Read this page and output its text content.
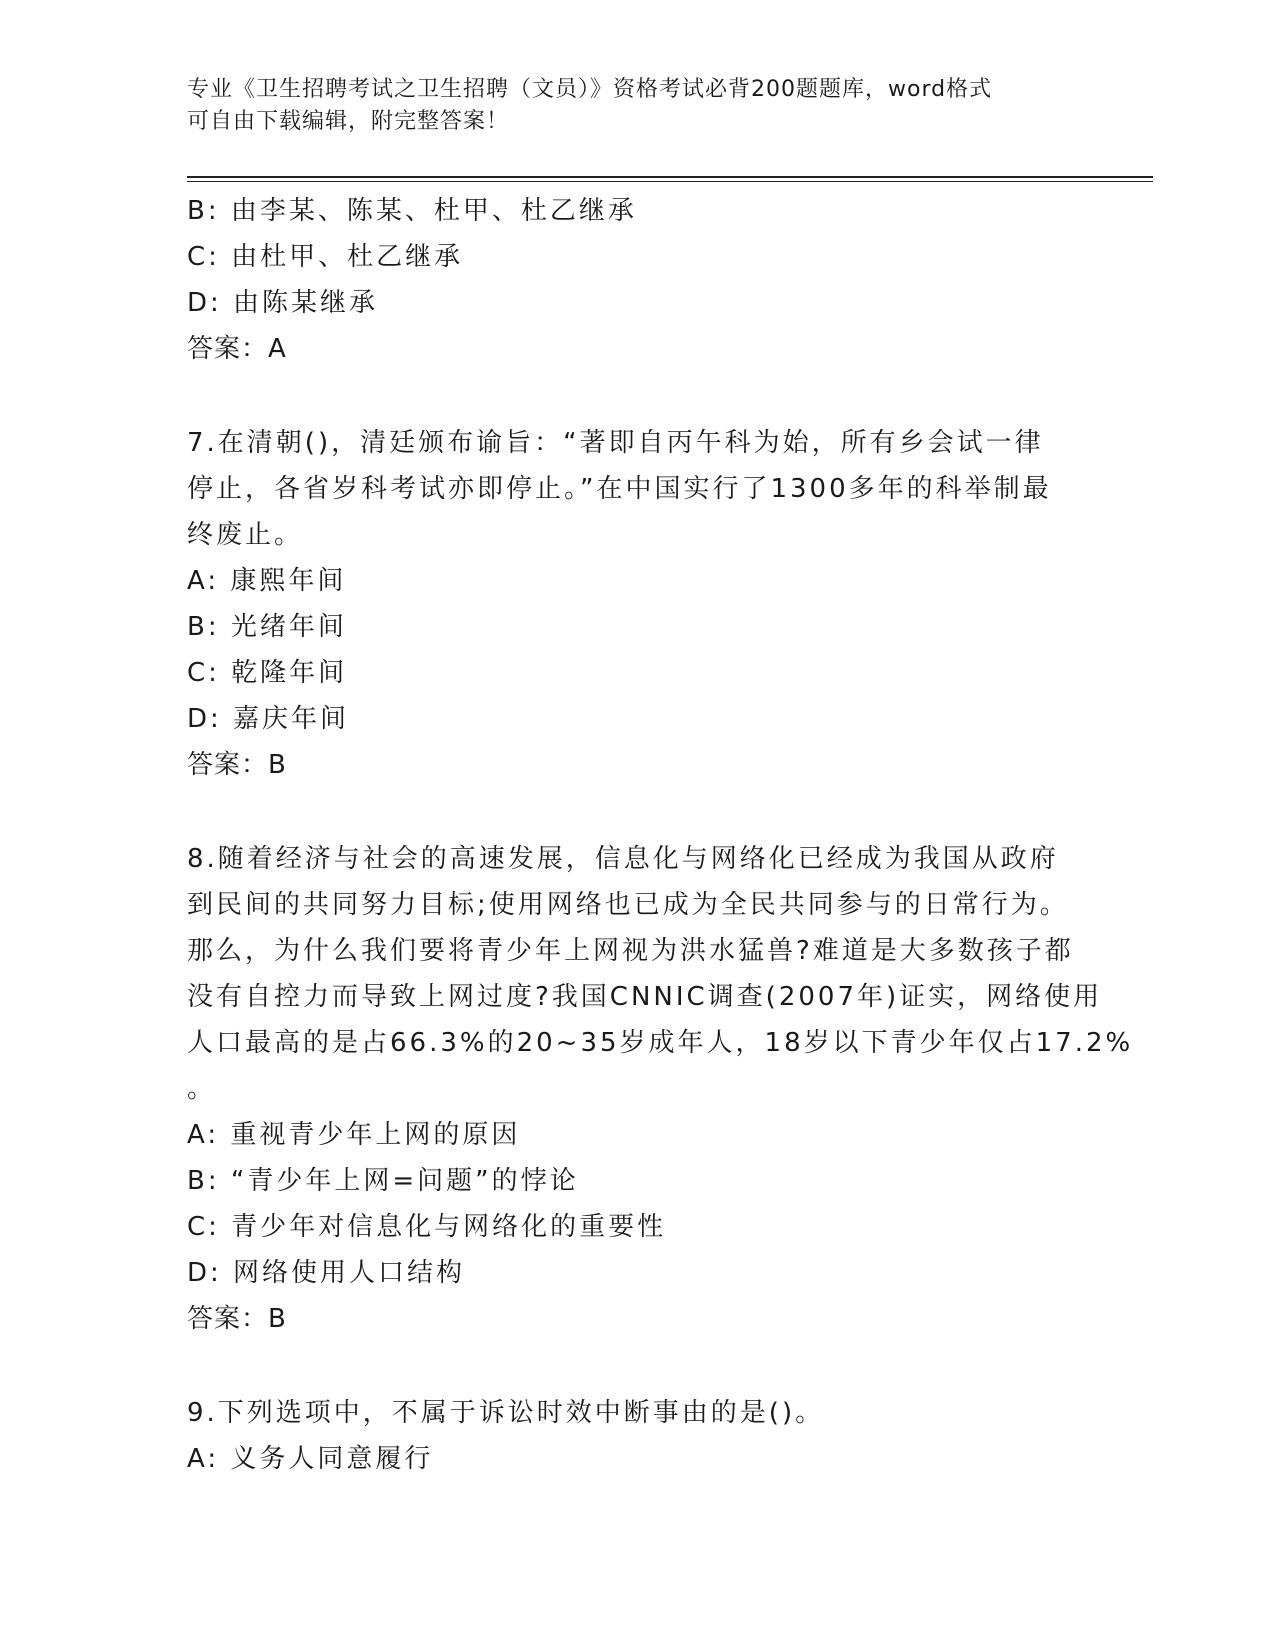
专业《卫生招聘考试之卫生招聘（文员）》资格考试必背200题题库，word格式
可自由下载编辑，附完整答案！
B: 由李某、陈某、杜甲、杜乙继承
C: 由杜甲、杜乙继承
D: 由陈某继承
答案：A
7.在清朝()，清廷颁布谕旨：“著即自丙午科为始，所有乡会试一律
停止，各省岁科考试亦即停止。”在中国实行了1300多年的科举制最
终废止。
A: 康熙年间
B: 光绪年间
C: 乾隆年间
D: 嘉庆年间
答案：B
8.随着经济与社会的高速发展，信息化与网络化已经成为我国从政府
到民间的共同努力目标;使用网络也已成为全民共同参与的日常行为。
那么，为什么我们要将青少年上网视为洪水猛兽?难道是大多数孩子都
没有自控力而导致上网过度?我国CNNIC调查(2007年)证实，网络使用
人口最高的是占66.3%的20~35岁成年人，18岁以下青少年仅占17.2%
。
A: 重视青少年上网的原因
B: “青少年上网=问题”的悖论
C: 青少年对信息化与网络化的重要性
D: 网络使用人口结构
答案：B
9.下列选项中，不属于诉讼时效中断事由的是()。
A: 义务人同意履行
